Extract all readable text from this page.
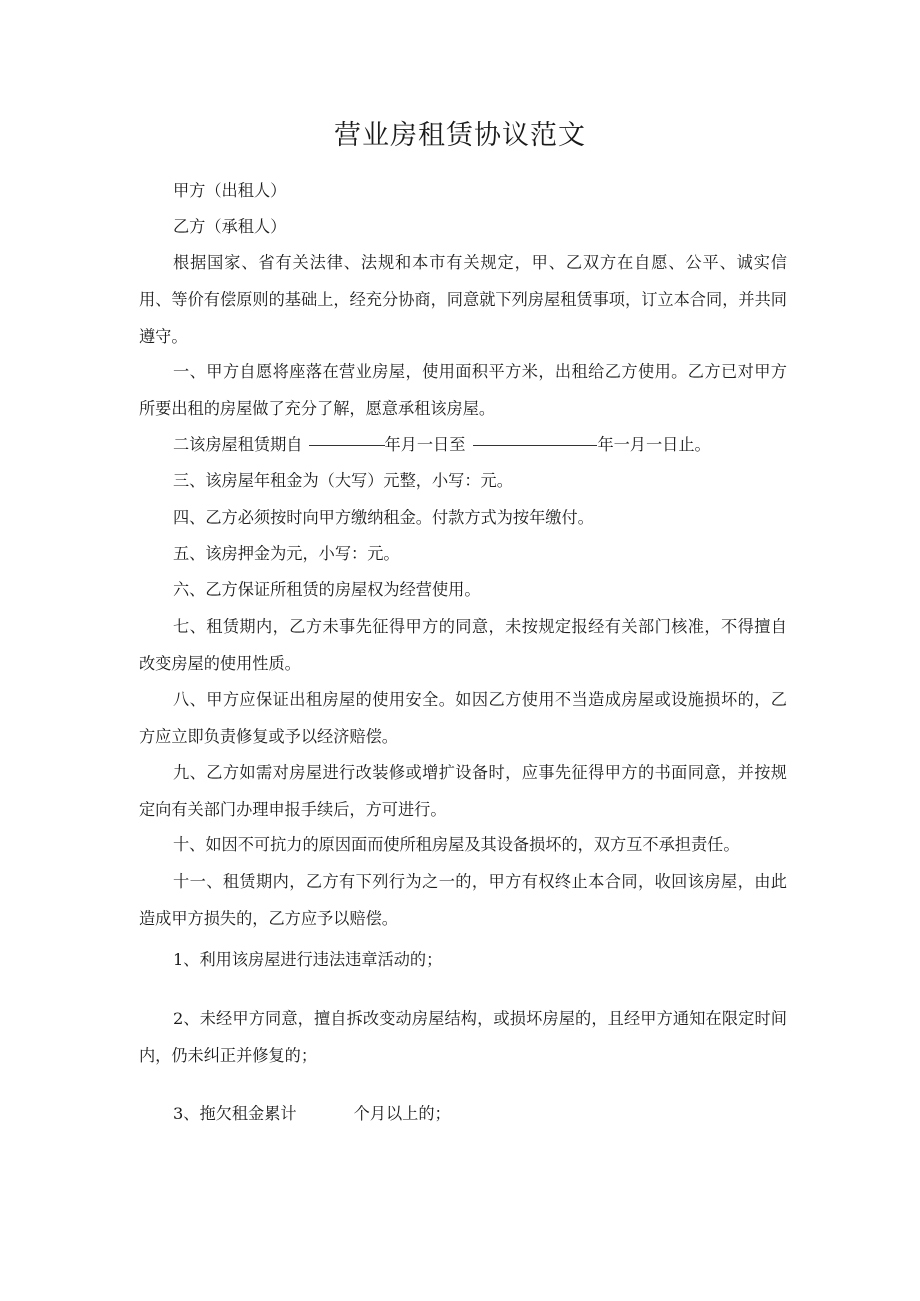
营业房租赁协议范文

甲方（出租人）

乙方（承租人）

根据国家、省有关法律、法规和本市有关规定，甲、乙双方在自愿、公平、诚实信用、等价有偿原则的基础上，经充分协商，同意就下列房屋租赁事项，订立本合同，并共同遵守。

一、甲方自愿将座落在营业房屋，使用面积平方米，出租给乙方使用。乙方已对甲方所要出租的房屋做了充分了解，愿意承租该房屋。

二该房屋租赁期自	年月一日至	年一月一日止。

三、该房屋年租金为（大写）元整，小写：元。

四、乙方必须按时向甲方缴纳租金。付款方式为按年缴付。

五、该房押金为元，小写：元。

六、乙方保证所租赁的房屋权为经营使用。

七、租赁期内，乙方未事先征得甲方的同意，未按规定报经有关部门核准，不得擅自改变房屋的使用性质。

八、甲方应保证出租房屋的使用安全。如因乙方使用不当造成房屋或设施损坏的，乙方应立即负责修复或予以经济赔偿。

九、乙方如需对房屋进行改装修或增扩设备时，应事先征得甲方的书面同意，并按规定向有关部门办理申报手续后，方可进行。

十、如因不可抗力的原因面而使所租房屋及其设备损坏的，双方互不承担责任。

十一、租赁期内，乙方有下列行为之一的，甲方有权终止本合同，收回该房屋，由此造成甲方损失的，乙方应予以赔偿。

1、利用该房屋进行违法违章活动的；

2、未经甲方同意，擅自拆改变动房屋结构，或损坏房屋的，且经甲方通知在限定时间内，仍未纠正并修复的；

3、拖欠租金累计	个月以上的；
